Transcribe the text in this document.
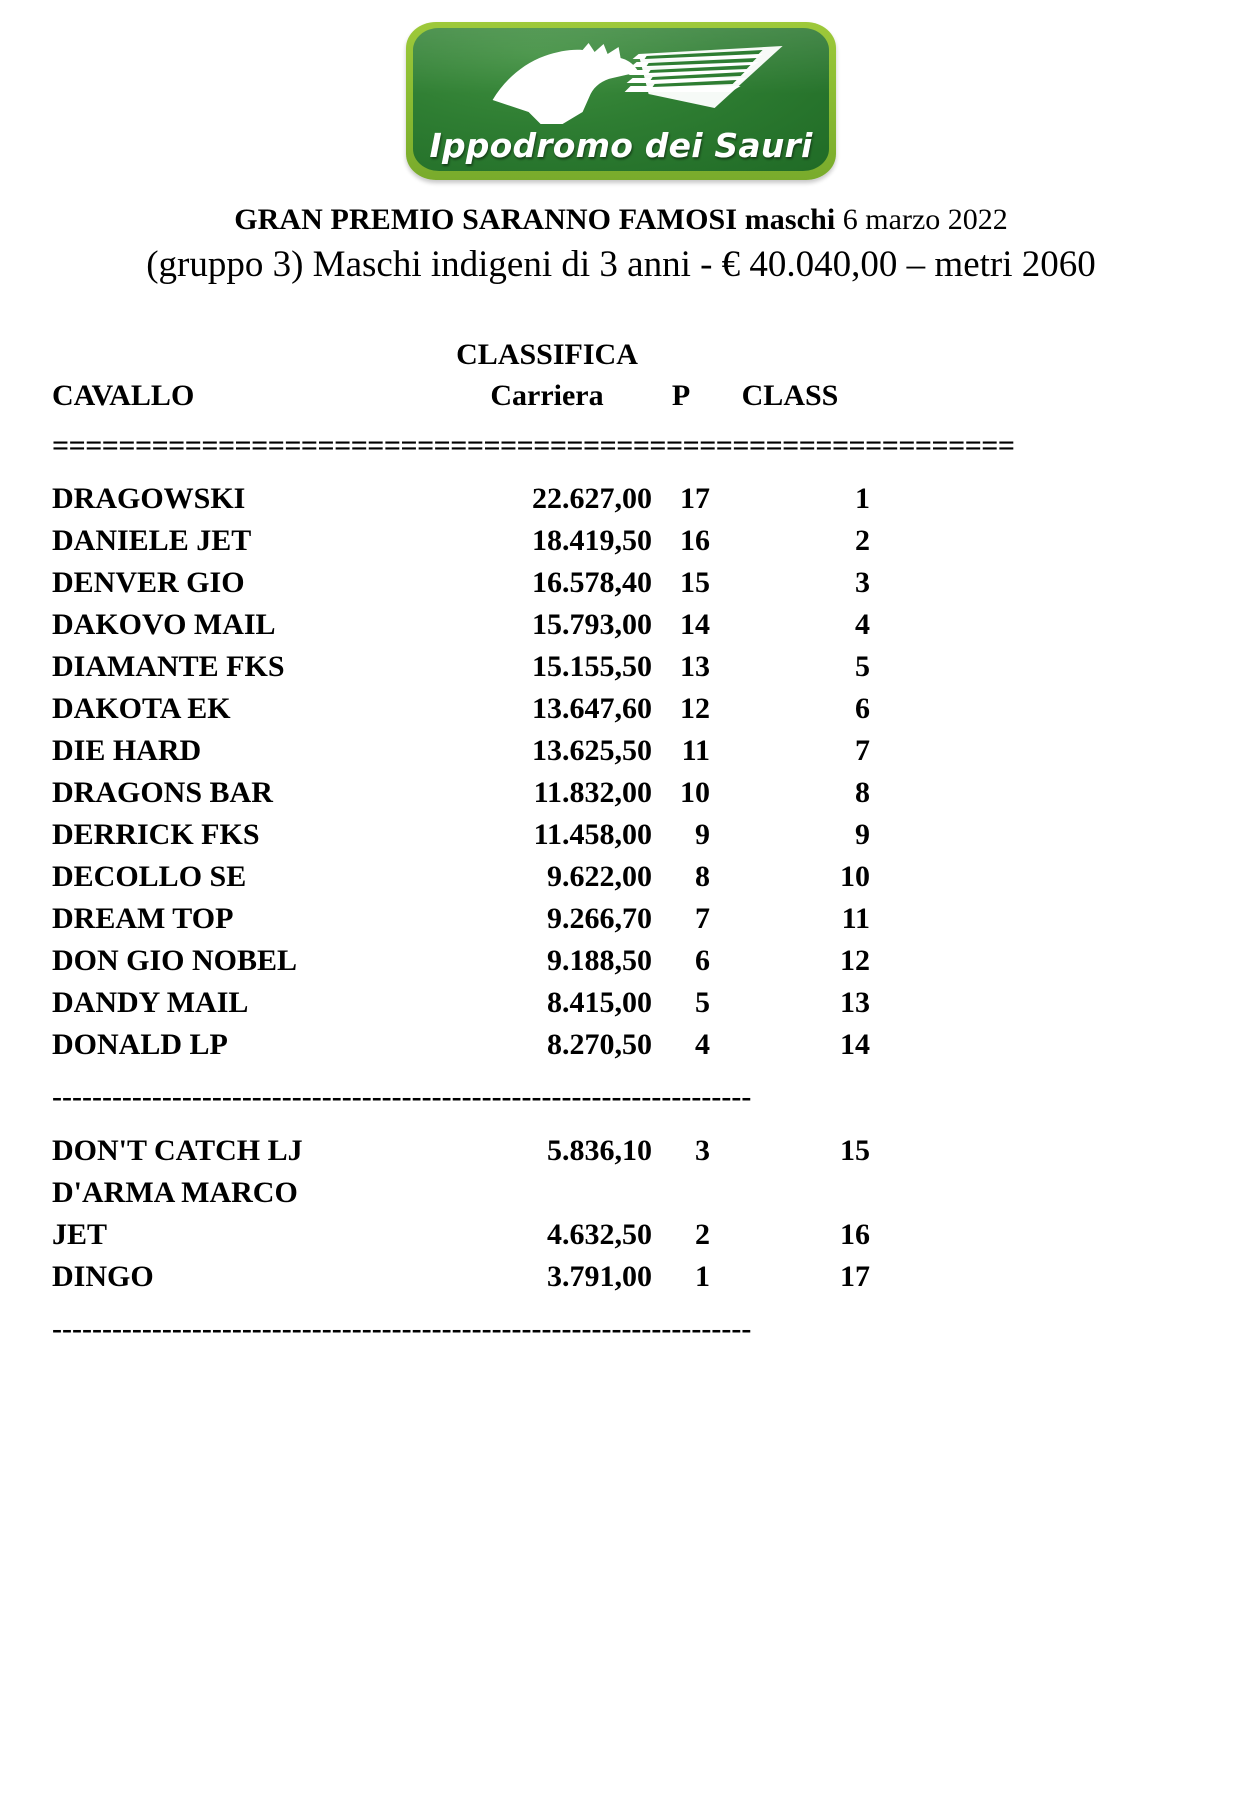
Ippodromo dei Sauri
GRAN PREMIO SARANNO FAMOSI maschi 6 marzo 2022
(gruppo 3) Maschi indigeni di 3 anni - € 40.040,00 – metri 2060
CLASSIFICA
CAVALLO	Carriera	P	CLASS
==========================================================
DRAGOWSKI	22.627,00 17	1
DANIELE JET	18.419,50 16	2
DENVER GIO	16.578,40 15	3
DAKOVO MAIL	15.793,00 14	4
DIAMANTE FKS	15.155,50 13	5
DAKOTA EK	13.647,60 12	6
DIE HARD	13.625,50 11	7
DRAGONS BAR	11.832,00 10	8
DERRICK FKS	11.458,00	9	9
DECOLLO SE	9.622,00	8	10
DREAM TOP	9.266,70	7	11
DON GIO NOBEL	9.188,50	6	12
DANDY MAIL	8.415,00	5	13
DONALD LP	8.270,50	4	14
----------------------------------------------------------------------
DON'T CATCH LJ	5.836,10	3	15
D'ARMA MARCO
JET	4.632,50	2	16
DINGO	3.791,00	1	17
----------------------------------------------------------------------
